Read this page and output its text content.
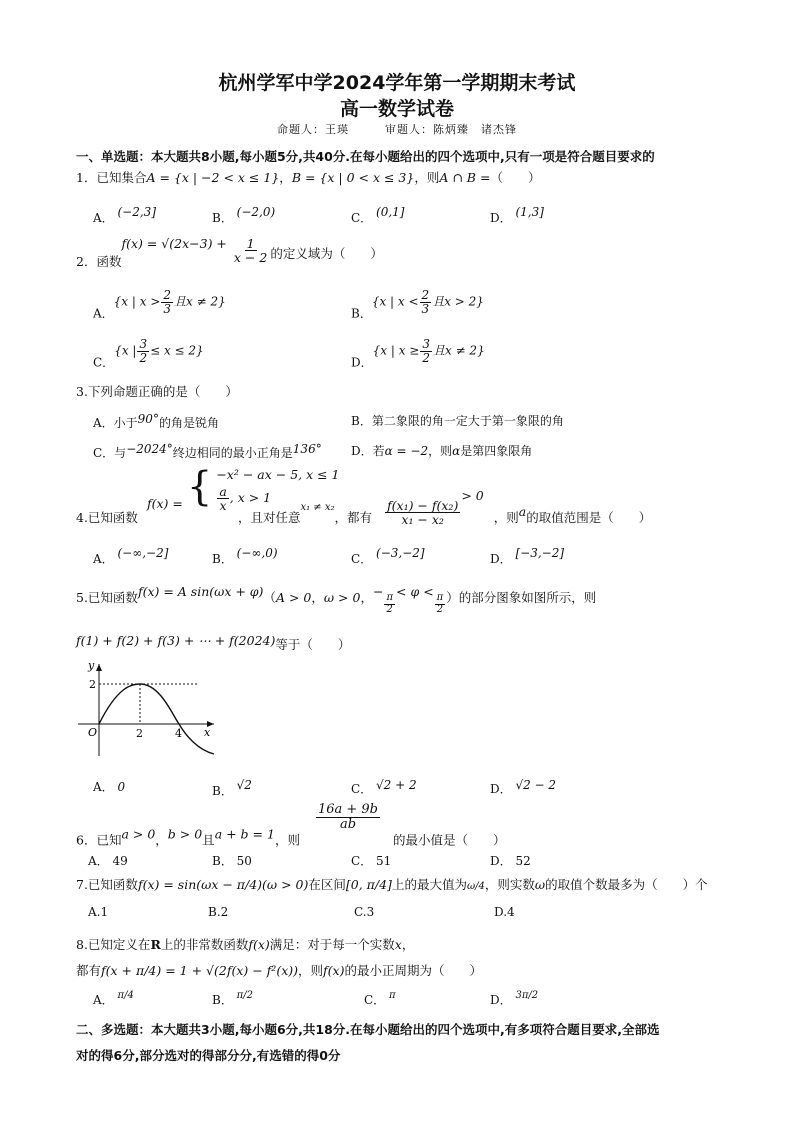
杭州学军中学2024学年第一学期期末考试
高一数学试卷
命题人：王瑛　　　审题人：陈炳臻　诸杰锋
一、单选题：本大题共8小题,每小题5分,共40分.在每小题给出的四个选项中,只有一项是符合题目要求的
1．已知集合A = {x | −2 < x ≤ 1}，B = {x | 0 < x ≤ 3}，则A ∩ B =（　　）
A． (−2,3]	B． (−2,0)	C． (0,1]	D． (1,3]
2．函数$f(x) = √(2x-3) + \frac{1}{x - 2}$ 的定义域为（　　）
A．{x | $x > \frac{2}{3}$ 且x ≠ 2}
B．{x | $x < \frac{2}{3}$ 且x > 2}
C．{x | $\frac{3}{2} \le x \le 2$}
D．{x | $x \ge \frac{3}{2}$ 且x ≠ 2}
3.下列命题正确的是（　　）
A．小于90°的角是锐角	B．第二象限的角一定大于第一象限的角
C．与−2024°终边相同的最小正角是136° D．若α = −2，则α是第四象限角
f(x) = { −x² − ax − 5, x ≤ 1
$\frac{a}{x}$ , x > 1
4.已知函数	，且对任意$_{x_1 \ne x_2}$，都有 $\frac{\text{f(x₁) − f(x₂)}}{\text{x₁ − x₂}}$
> 0，则a的取值范围是（　　）
A． (−∞,−2]	B． (−∞,0)	C． (−3,−2]	D． [−3,−2]
5.已知函数f(x) = A sin(ωx + φ)（A > 0，ω > 0，−
$\frac{\pi}{2}$
< φ <
$\frac{\pi}{2}$ ）的部分图象如图所示，则
f(1) + f(2) + f(3) + ⋯ + f(2024)等于（　　）
y
x
O	2	4
2
A． 0	B． √2	C． √2 + 2	D． √2 − 2
6．已知a > 0，b > 0且a + b = 1，则
$\frac{16a + 9b}{ab}$
的最小值是（　　）
A． 49	B． 50	C． 51	D． 52
7.已知函数f(x) = sin(ωx − π/4)(ω > 0)在区间[0, π/4]上的最大值为ω/4，则实数ω的取值个数最多为（　　）个
A.1	B.2	C.3	D.4
8.已知定义在R上的非常数函数f(x)满足：对于每一个实数x，
都有f(x + π/4) = 1 + √(2f(x) − f²(x))，则f(x)的最小正周期为（　　）
A． $^{\pi/4}$	B． $^{\pi/2}$	C． $^\pi$	D． $^{3\pi/2}$
二、多选题：本大题共3小题,每小题6分,共18分.在每小题给出的四个选项中,有多项符合题目要求,全部选
对的得6分,部分选对的得部分分,有选错的得0分
